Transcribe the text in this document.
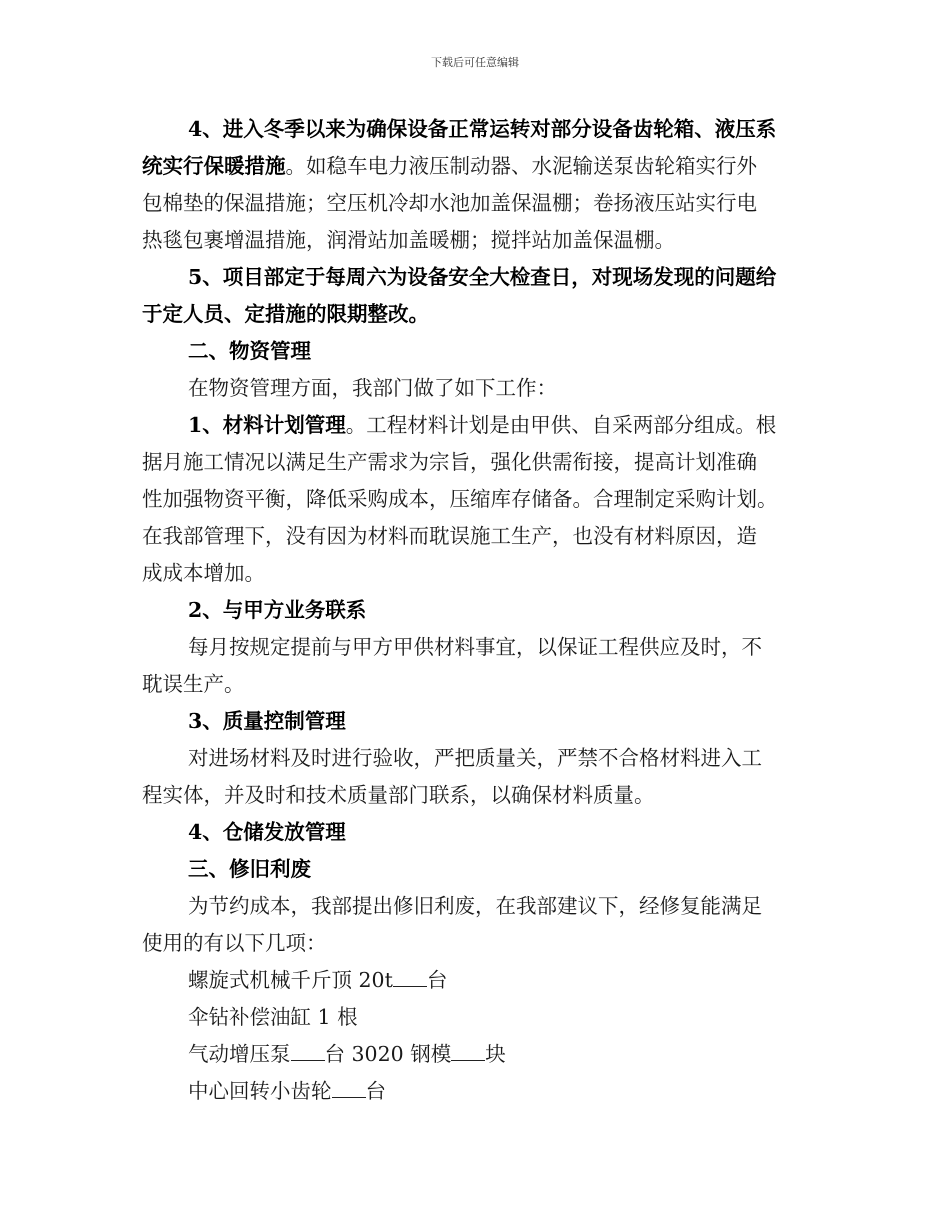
下载后可任意编辑
4、进入冬季以来为确保设备正常运转对部分设备齿轮箱、液压系
统实行保暖措施。如稳车电力液压制动器、水泥输送泵齿轮箱实行外
包棉垫的保温措施；空压机冷却水池加盖保温棚；卷扬液压站实行电
热毯包裹增温措施，润滑站加盖暖棚；搅拌站加盖保温棚。
5、项目部定于每周六为设备安全大检查日，对现场发现的问题给
于定人员、定措施的限期整改。
二、物资管理
在物资管理方面，我部门做了如下工作：
1、材料计划管理。工程材料计划是由甲供、自采两部分组成。根
据月施工情况以满足生产需求为宗旨，强化供需衔接，提高计划准确
性加强物资平衡，降低采购成本，压缩库存储备。合理制定采购计划。
在我部管理下，没有因为材料而耽误施工生产，也没有材料原因，造
成成本增加。
2、与甲方业务联系
每月按规定提前与甲方甲供材料事宜，以保证工程供应及时，不
耽误生产。
3、质量控制管理
对进场材料及时进行验收，严把质量关，严禁不合格材料进入工
程实体，并及时和技术质量部门联系，以确保材料质量。
4、仓储发放管理
三、修旧利废
为节约成本，我部提出修旧利废，在我部建议下，经修复能满足
使用的有以下几项：
螺旋式机械千斤顶 20t 台
伞钻补偿油缸 1 根
气动增压泵 台 3020 钢模 块
中心回转小齿轮 台
